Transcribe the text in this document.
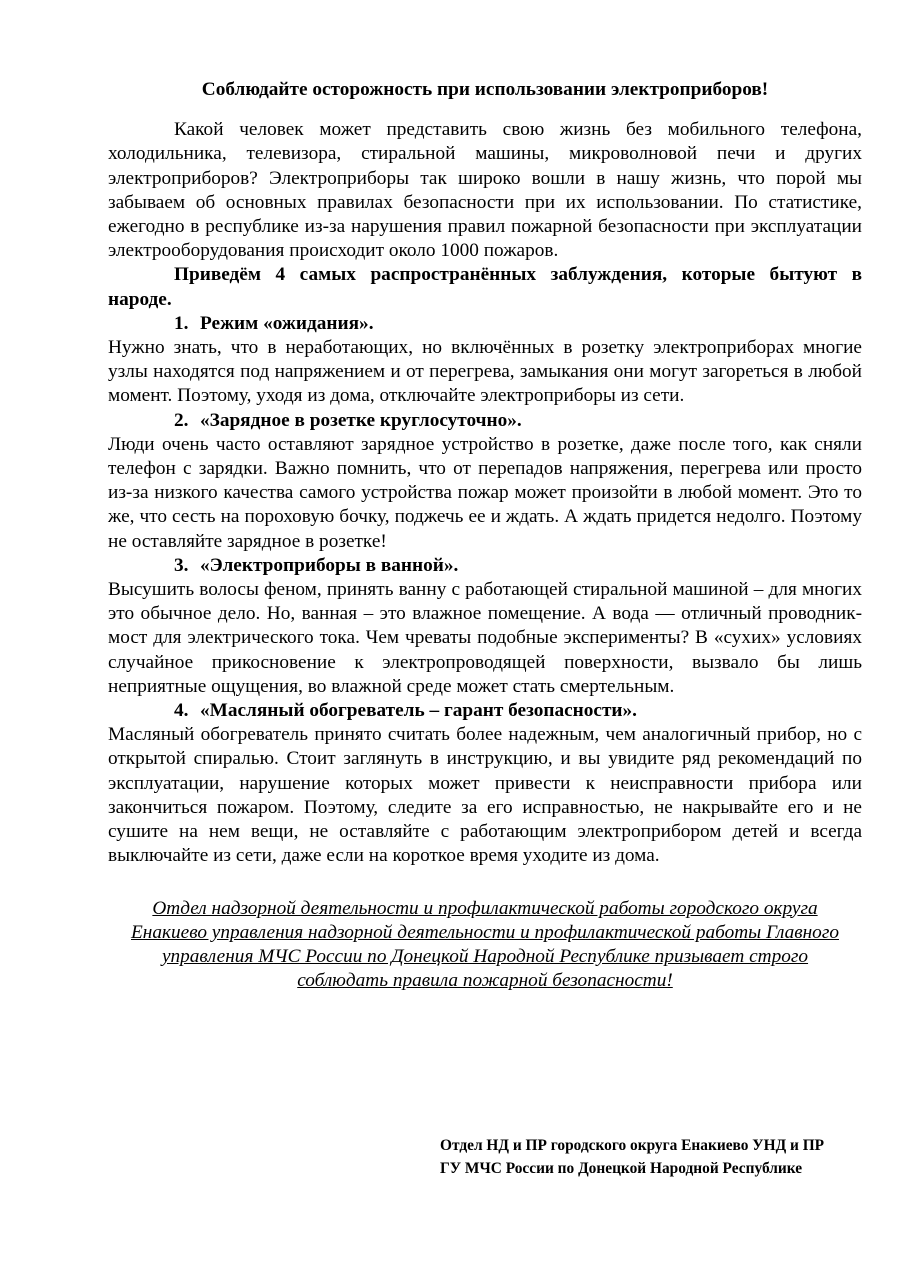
Соблюдайте осторожность при использовании электроприборов!

Какой человек может представить свою жизнь без мобильного телефона, холодильника, телевизора, стиральной машины, микроволновой печи и других электроприборов? Электроприборы так широко вошли в нашу жизнь, что порой мы забываем об основных правилах безопасности при их использовании. По статистике, ежегодно в республике из-за нарушения правил пожарной безопасности при эксплуатации электрооборудования происходит около 1000 пожаров.

Приведём 4 самых распространённых заблуждения, которые бытуют в народе.

1. Режим «ожидания».

Нужно знать, что в неработающих, но включённых в розетку электроприборах многие узлы находятся под напряжением и от перегрева, замыкания они могут загореться в любой момент. Поэтому, уходя из дома, отключайте электроприборы из сети.

2. «Зарядное в розетке круглосуточно».

Люди очень часто оставляют зарядное устройство в розетке, даже после того, как сняли телефон с зарядки. Важно помнить, что от перепадов напряжения, перегрева или просто из-за низкого качества самого устройства пожар может произойти в любой момент. Это то же, что сесть на пороховую бочку, поджечь ее и ждать. А ждать придется недолго. Поэтому не оставляйте зарядное в розетке!

3. «Электроприборы в ванной».

Высушить волосы феном, принять ванну с работающей стиральной машиной – для многих это обычное дело. Но, ванная – это влажное помещение. А вода — отличный проводник-мост для электрического тока. Чем чреваты подобные эксперименты? В «сухих» условиях случайное прикосновение к электропроводящей поверхности, вызвало бы лишь неприятные ощущения, во влажной среде может стать смертельным.

4. «Масляный обогреватель – гарант безопасности».

Масляный обогреватель принято считать более надежным, чем аналогичный прибор, но с открытой спиралью. Стоит заглянуть в инструкцию, и вы увидите ряд рекомендаций по эксплуатации, нарушение которых может привести к неисправности прибора или закончиться пожаром. Поэтому, следите за его исправностью, не накрывайте его и не сушите на нем вещи, не оставляйте с работающим электроприбором детей и всегда выключайте из сети, даже если на короткое время уходите из дома.

Отдел надзорной деятельности и профилактической работы городского округа Енакиево управления надзорной деятельности и профилактической работы Главного управления МЧС России по Донецкой Народной Республике призывает строго соблюдать правила пожарной безопасности!

Отдел НД и ПР городского округа Енакиево УНД и ПР
ГУ МЧС России по Донецкой Народной Республике
